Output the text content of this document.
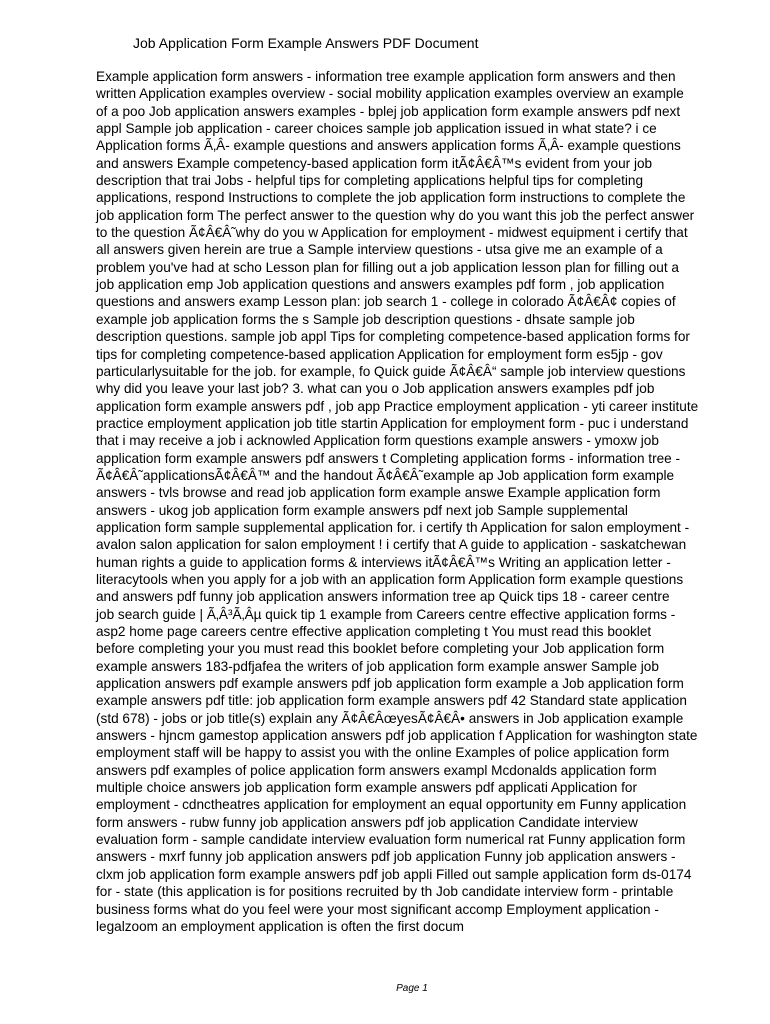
Job Application Form Example Answers PDF Document
Example application form answers - information tree example application form answers and then
written Application examples overview - social mobility application examples overview an example
of a poo Job application answers examples - bplej job application form example answers pdf next
appl Sample job application - career choices sample job application issued in what state? i ce
Application forms Ã‚Â- example questions and answers application forms Ã‚Â- example questions
and answers Example competency-based application form itÃ¢Â€Â™s evident from your job
description that trai Jobs - helpful tips for completing applications helpful tips for completing
applications, respond Instructions to complete the job application form instructions to complete the
job application form The perfect answer to the question why do you want this job the perfect answer
to the question Ã¢Â€Â˜why do you w Application for employment - midwest equipment i certify that
all answers given herein are true a Sample interview questions - utsa give me an example of a
problem you've had at scho Lesson plan for filling out a job application lesson plan for filling out a
job application emp Job application questions and answers examples pdf form , job application
questions and answers examp Lesson plan: job search 1 - college in colorado Ã¢Â€Â¢ copies of
example job application forms the s Sample job description questions - dhsate sample job
description questions. sample job appl Tips for completing competence-based application forms for
tips for completing competence-based application Application for employment form es5jp - gov
particularlysuitable for the job. for example, fo Quick guide Ã¢Â€Â“ sample job interview questions
why did you leave your last job? 3. what can you o Job application answers examples pdf job
application form example answers pdf , job app Practice employment application - yti career institute
practice employment application job title startin Application for employment form - puc i understand
that i may receive a job i acknowled Application form questions example answers - ymoxw job
application form example answers pdf answers t Completing application forms - information tree -
Ã¢Â€Â˜applicationsÃ¢Â€Â™ and the handout Ã¢Â€Â˜example ap Job application form example
answers - tvls browse and read job application form example answe Example application form
answers - ukog job application form example answers pdf next job Sample supplemental
application form sample supplemental application for. i certify th Application for salon employment -
avalon salon application for salon employment ! i certify that A guide to application - saskatchewan
human rights a guide to application forms & interviews itÃ¢Â€Â™s Writing an application letter -
literacytools when you apply for a job with an application form Application form example questions
and answers pdf funny job application answers information tree ap Quick tips 18 - career centre
job search guide | Ã‚Â³Ã‚Âµ quick tip 1 example from Careers centre effective application forms -
asp2 home page careers centre effective application completing t You must read this booklet
before completing your you must read this booklet before completing your Job application form
example answers 183-pdfjafea the writers of job application form example answer Sample job
application answers pdf example answers pdf job application form example a Job application form
example answers pdf title: job application form example answers pdf 42 Standard state application
(std 678) - jobs or job title(s) explain any Ã¢Â€ÂœyesÃ¢Â€Â• answers in Job application example
answers - hjncm gamestop application answers pdf job application f Application for washington state
employment staff will be happy to assist you with the online Examples of police application form
answers pdf examples of police application form answers exampl Mcdonalds application form
multiple choice answers job application form example answers pdf applicati Application for
employment - cdnctheatres application for employment an equal opportunity em Funny application
form answers - rubw funny job application answers pdf job application Candidate interview
evaluation form - sample candidate interview evaluation form numerical rat Funny application form
answers - mxrf funny job application answers pdf job application Funny job application answers -
clxm job application form example answers pdf job appli Filled out sample application form ds-0174
for - state (this application is for positions recruited by th Job candidate interview form - printable
business forms what do you feel were your most significant accomp Employment application -
legalzoom an employment application is often the first docum
Page 1
